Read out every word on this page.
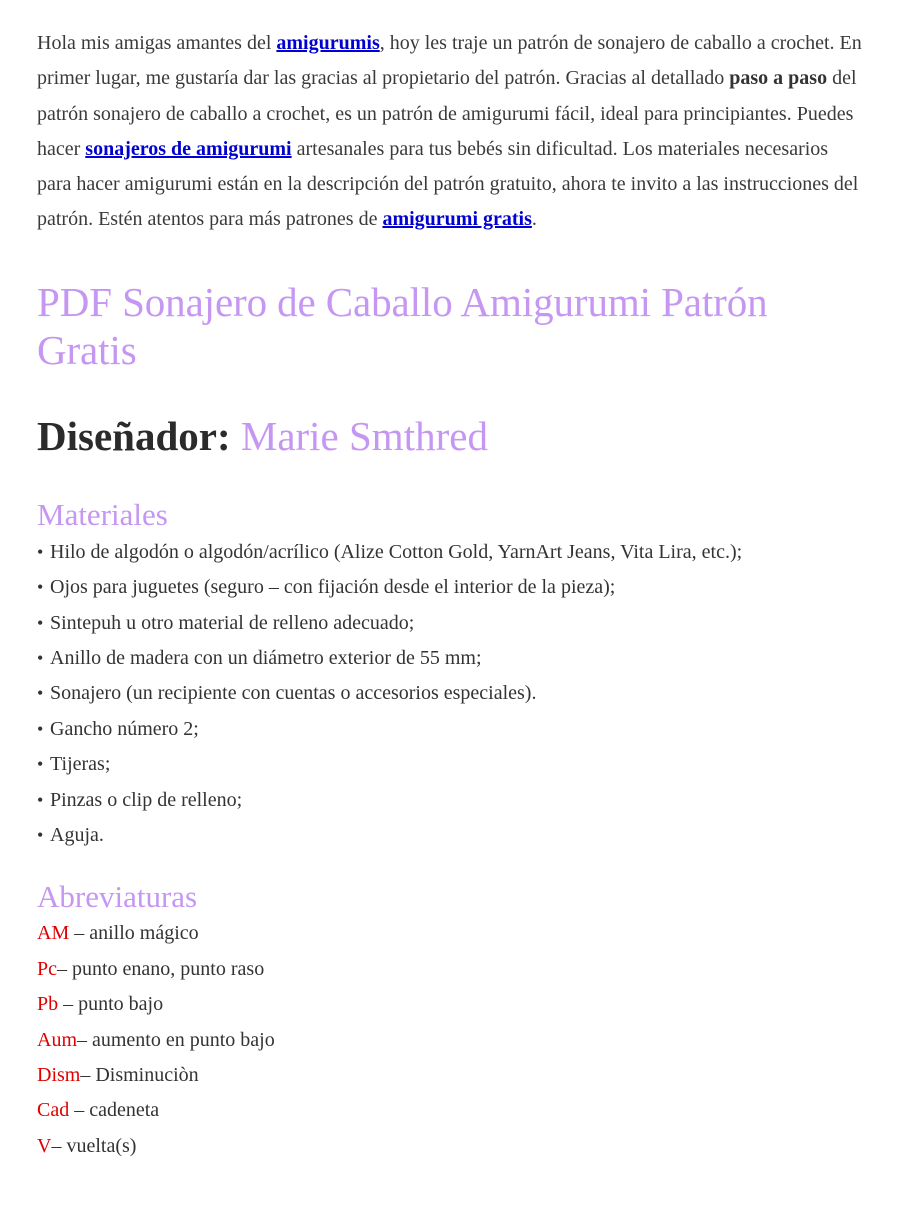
Hola mis amigas amantes del amigurumis, hoy les traje un patrón de sonajero de caballo a crochet. En primer lugar, me gustaría dar las gracias al propietario del patrón. Gracias al detallado paso a paso del patrón sonajero de caballo a crochet, es un patrón de amigurumi fácil, ideal para principiantes. Puedes hacer sonajeros de amigurumi artesanales para tus bebés sin dificultad. Los materiales necesarios para hacer amigurumi están en la descripción del patrón gratuito, ahora te invito a las instrucciones del patrón. Estén atentos para más patrones de amigurumi gratis.

PDF Sonajero de Caballo Amigurumi Patrón Gratis
Diseñador: Marie Smthred
Materiales
• Hilo de algodón o algodón/acrílico (Alize Cotton Gold, YarnArt Jeans, Vita Lira, etc.);
• Ojos para juguetes (seguro – con fijación desde el interior de la pieza);
• Sintepuh u otro material de relleno adecuado;
• Anillo de madera con un diámetro exterior de 55 mm;
• Sonajero (un recipiente con cuentas o accesorios especiales).
• Gancho número 2;
• Tijeras;
• Pinzas o clip de relleno;
• Aguja.
Abreviaturas
AM – anillo mágico
Pc– punto enano, punto raso
Pb – punto bajo
Aum– aumento en punto bajo
Dism– Disminuciòn
Cad – cadeneta
V– vuelta(s)
